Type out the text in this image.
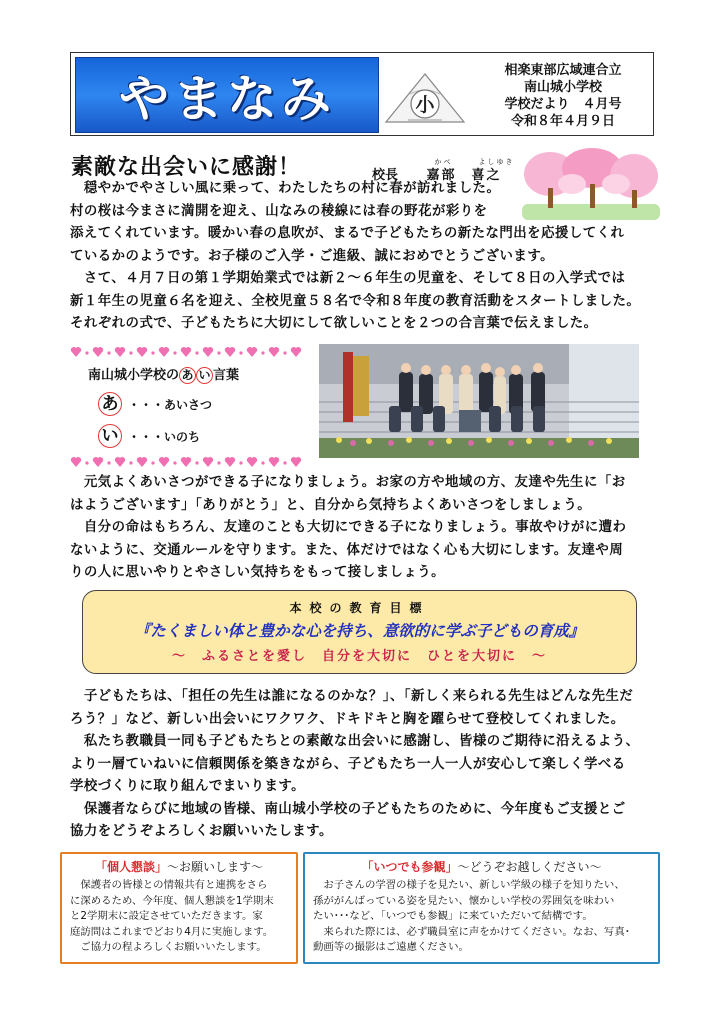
やまなみ	小
相楽東部広域連合立
南山城小学校
学校だより　４月号
令和８年４月９日
素敵な出会いに感謝！	校長
かべ	よしゆき
嘉部　喜之
　穏やかでやさしい風に乗って、わたしたちの村に春が訪れました。
村の桜は今まさに満開を迎え、山なみの稜線には春の野花が彩りを
添えてくれています。暖かい春の息吹が、まるで子どもたちの新たな門出を応援してくれ
ているかのようです。お子様のご入学・ご進級、誠におめでとうございます。
　さて、４月７日の第１学期始業式では新２～６年生の児童を、そして８日の入学式では
新１年生の児童６名を迎え、全校児童５８名で令和８年度の教育活動をスタートしました。
それぞれの式で、子どもたちに大切にして欲しいことを２つの合言葉で伝えました。
南山城小学校の あ い 言葉
あ ・・・あいさつ
い ・・・いのち
　元気よくあいさつができる子になりましょう。お家の方や地域の方、友達や先生に「お
はようございます」「ありがとう」と、自分から気持ちよくあいさつをしましょう。
　自分の命はもちろん、友達のことも大切にできる子になりましょう。事故やけがに遭わ
ないように、交通ルールを守ります。また、体だけではなく心も大切にします。友達や周
りの人に思いやりとやさしい気持ちをもって接しましょう。
本校の教育目標
『たくましい体と豊かな心を持ち、意欲的に学ぶ子どもの育成』
～　ふるさとを愛し　自分を大切に　ひとを大切に　～
　子どもたちは、「担任の先生は誰になるのかな？」、「新しく来られる先生はどんな先生だ
ろう？」など、新しい出会いにワクワク、ドキドキと胸を躍らせて登校してくれました。
　私たち教職員一同も子どもたちとの素敵な出会いに感謝し、皆様のご期待に沿えるよう、
より一層ていねいに信頼関係を築きながら、子どもたち一人一人が安心して楽しく学べる
学校づくりに取り組んでまいります。
　保護者ならびに地域の皆様、南山城小学校の子どもたちのために、今年度もご支援とご
協力をどうぞよろしくお願いいたします。
「個人懇談」～お願いします～
　保護者の皆様との情報共有と連携をさら
に深めるため、今年度、個人懇談を1学期末
と2学期末に設定させていただきます。家
庭訪問はこれまでどおり4月に実施します。
　ご協力の程よろしくお願いいたします。
「いつでも参観」～どうぞお越しください～
　お子さんの学習の様子を見たい、新しい学級の様子を知りたい、
孫ががんばっている姿を見たい、懐かしい学校の雰囲気を味わい
たい･･･など、「いつでも参観」に来ていただいて結構です。
　来られた際には、必ず職員室に声をかけてください。なお、写真･
動画等の撮影はご遠慮ください。
